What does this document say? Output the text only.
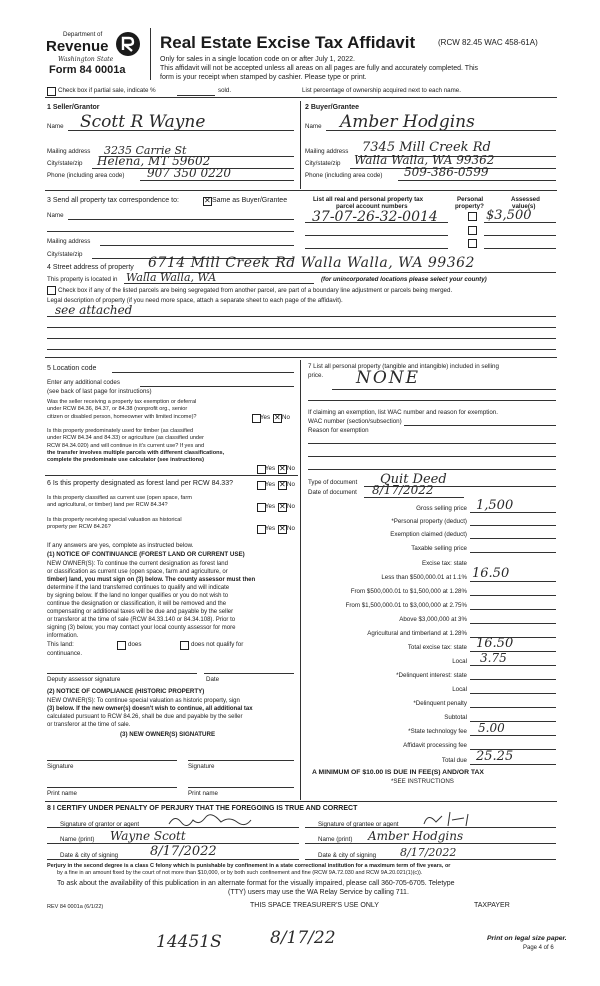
Department of
Revenue
Washington State
Form 84 0001a
Real Estate Excise Tax Affidavit	(RCW 82.45 WAC 458-61A)
Only for sales in a single location code on or after July 1, 2022.
This affidavit will not be accepted unless all areas on all pages are fully and accurately completed. This
form is your receipt when stamped by cashier. Please type or print.
Check box if partial sale, indicate %	sold.	List percentage of ownership acquired next to each name.
1 Seller/Grantor
Name Scott R Wayne
Mailing address 3235 Carrie St
City/state/zip Helena, MT 59602
Phone (including area code) 907 350 0220
2 Buyer/Grantee
Name Amber Hodgins
Mailing address 7345 Mill Creek Rd
City/state/zip Walla Walla, WA 99362
Phone (including area code) 509-386-0599
3 Send all property tax correspondence to: ✕	Same as Buyer/Grantee
Name
Mailing address
City/state/zip
List all real and personal property tax
parcel account numbers
Personal
property?
Assessed
value(s)
37-07-26-32-0014	$3,500
4 Street address of property 6714 Mill Creek Rd Walla Walla, WA 99362
This property is located in Walla Walla, WA	(for unincorporated locations please select your county)
Check box if any of the listed parcels are being segregated from another parcel, are part of a boundary line adjustment or parcels being merged.
Legal description of property (if you need more space, attach a separate sheet to each page of the affidavit).
see attached
5 Location code
Enter any additional codes
(see back of last page for instructions)
Was the seller receiving a property tax exemption or deferral
under RCW 84.36, 84.37, or 84.38 (nonprofit org., senior
citizen or disabled person, homeowner with limited income)?	Yes ✕ No
Is this property predominately used for timber (as classified
under RCW 84.34 and 84.33) or agriculture (as classified under
RCW 84.34.020) and will continue in it's current use? If yes and
the transfer involves multiple parcels with different classifications,
complete the predominate use calculator (see instructions)
Yes ✕ No
6 Is this property designated as forest land per RCW 84.33?	Yes ✕ No
Is this property classified as current use (open space, farm
and agricultural, or timber) land per RCW 84.34?	Yes ✕ No
Is this property receiving special valuation as historical
property per RCW 84.26?	Yes ✕ No
If any answers are yes, complete as instructed below.
(1) NOTICE OF CONTINUANCE (FOREST LAND OR CURRENT USE)
NEW OWNER(S): To continue the current designation as forest land
or classification as current use (open space, farm and agriculture, or
timber) land, you must sign on (3) below. The county assessor must then
determine if the land transferred continues to qualify and will indicate
by signing below. If the land no longer qualifies or you do not wish to
continue the designation or classification, it will be removed and the
compensating or additional taxes will be due and payable by the seller
or transferor at the time of sale (RCW 84.33.140 or 84.34.108). Prior to
signing (3) below, you may contact your local county assessor for more
information.
This land:	does	does not qualify for
continuance.
Deputy assessor signature	Date
(2) NOTICE OF COMPLIANCE (HISTORIC PROPERTY)
NEW OWNER(S): To continue special valuation as historic property, sign
(3) below. If the new owner(s) doesn't wish to continue, all additional tax
calculated pursuant to RCW 84.26, shall be due and payable by the seller
or transferor at the time of sale.
(3) NEW OWNER(S) SIGNATURE
Signature	Signature
Print name	Print name
7 List all personal property (tangible and intangible) included in selling
price. NONE
If claiming an exemption, list WAC number and reason for exemption.
WAC number (section/subsection)
Reason for exemption
Type of document Quit Deed
Date of document 8/17/2022
Gross selling price 1,500
*Personal property (deduct)
Exemption claimed (deduct)
Taxable selling price
Excise tax: state
Less than $500,000.01 at 1.1% 16.50
From $500,000.01 to $1,500,000 at 1.28%
From $1,500,000.01 to $3,000,000 at 2.75%
Above $3,000,000 at 3%
Agricultural and timberland at 1.28%
Total excise tax: state 16.50
Local 3.75
*Delinquent interest: state
Local
*Delinquent penalty
Subtotal
*State technology fee 5.00
Affidavit processing fee
Total due 25.25
A MINIMUM OF $10.00 IS DUE IN FEE(S) AND/OR TAX
*SEE INSTRUCTIONS
8 I CERTIFY UNDER PENALTY OF PERJURY THAT THE FOREGOING IS TRUE AND CORRECT
Signature of grantor or agent
Name (print) Wayne Scott
Date & city of signing 8/17/2022
Signature of grantee or agent
Name (print) Amber Hodgins
Date & city of signing 8/17/2022
Perjury in the second degree is a class C felony which is punishable by confinement in a state correctional institution for a maximum term of five years, or
by a fine in an amount fixed by the court of not more than $10,000, or by both such confinement and fine (RCW 9A.72.030 and RCW 9A.20.021(1)(c)).
To ask about the availability of this publication in an alternate format for the visually impaired, please call 360-705-6705. Teletype
(TTY) users may use the WA Relay Service by calling 711.
REV 84 0001a (6/1/22)	THIS SPACE TREASURER'S USE ONLY	TAXPAYER
14451S	8/17/22	Print on legal size paper.
Page 4 of 6
